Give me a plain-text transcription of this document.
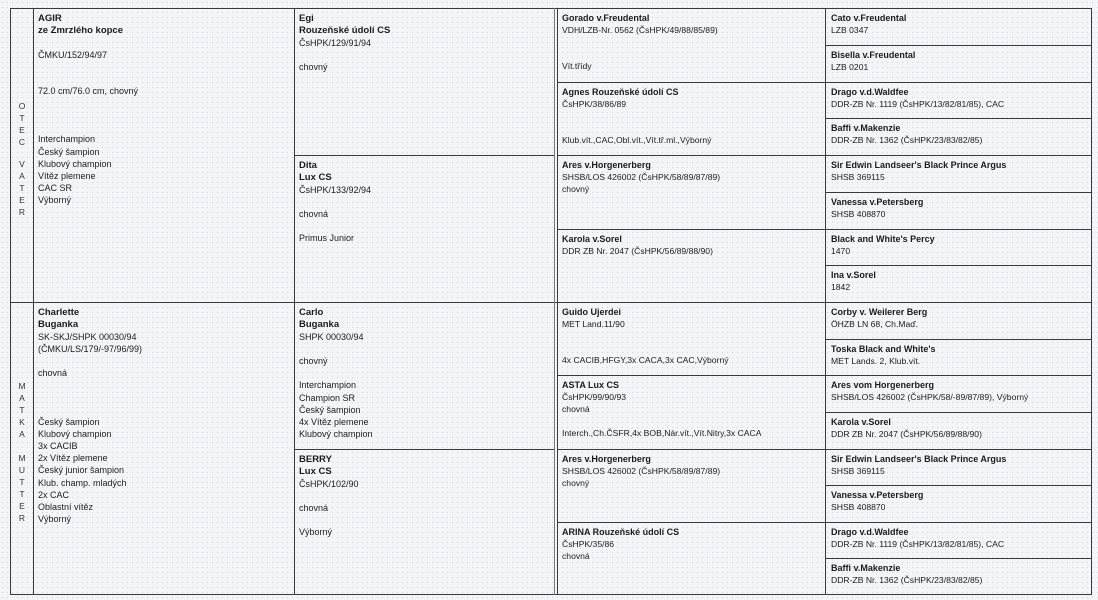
O
T
E
C
V
A
T
E
R
M
A
T
K
A
M
U
T
T
E
R
AGIR
ze Zmrzlého kopce
ČMKU/152/94/97
72.0 cm/76.0 cm, chovný
Interchampion
Český šampion
Klubový champion
Vítěz plemene
CAC SR
Výborný
Charlette
Buganka
SK-SKJ/SHPK 00030/94
(ČMKU/LS/179/-97/96/99)
chovná
Český šampion
Klubový champion
3x CACIB
2x Vítěz plemene
Český junior šampion
Klub. champ. mladých
2x CAC
Oblastní vítěz
Výborný
Egi
Rouzeňské údolí CS
ČsHPK/129/91/94
chovný
Dita
Lux CS
ČsHPK/133/92/94
chovná
Primus Junior
Carlo
Buganka
SHPK 00030/94
chovný
Interchampion
Champion SR
Český šampion
4x Vítěz plemene
Klubový champion
BERRY
Lux CS
ČsHPK/102/90
chovná
Výborný
Gorado v.Freudental
VDH/LZB-Nr. 0562 (ČsHPK/49/88/85/89)
Vít.třídy
Agnes Rouzeňské údolí CS
ČsHPK/38/86/89
Klub.vít.,CAC,Obl.vít.,Vít.tř.ml.,Výborný
Ares v.Horgenerberg
SHSB/LOS 426002 (ČsHPK/58/89/87/89)
chovný
Karola v.Sorel
DDR ZB Nr. 2047 (ČsHPK/56/89/88/90)
Guido Ujerdei
MET Land.11/90
4x CACIB,HFGY,3x CACA,3x CAC,Výborný
ASTA Lux CS
ČsHPK/99/90/93
chovná
Interch.,Ch.ČSFR,4x BOB,Nár.vít.,Vít.Nitry,3x CACA
Ares v.Horgenerberg
SHSB/LOS 426002 (ČsHPK/58/89/87/89)
chovný
ARINA Rouzeňské údolí CS
ČsHPK/35/86
chovná
Cato v.Freudental
LZB 0347
Bisella v.Freudental
LZB 0201
Drago v.d.Waldfee
DDR-ZB Nr. 1119 (ČsHPK/13/82/81/85), CAC
Baffi v.Makenzie
DDR-ZB Nr. 1362 (ČsHPK/23/83/82/85)
Sir Edwin Landseer's Black Prince Argus
SHSB 369115
Vanessa v.Petersberg
SHSB 408870
Black and White's Percy
1470
Ina v.Sorel
1842
Corby v. Weilerer Berg
ÖHZB LN 68, Ch.Maď.
Toska Black and White's
MET Lands. 2, Klub.vít.
Ares vom Horgenerberg
SHSB/LOS 426002 (ČsHPK/58/-89/87/89), Výborný
Karola v.Sorel
DDR ZB Nr. 2047 (ČsHPK/56/89/88/90)
Sir Edwin Landseer's Black Prince Argus
SHSB 369115
Vanessa v.Petersberg
SHSB 408870
Drago v.d.Waldfee
DDR-ZB Nr. 1119 (ČsHPK/13/82/81/85), CAC
Baffi v.Makenzie
DDR-ZB Nr. 1362 (ČsHPK/23/83/82/85)
